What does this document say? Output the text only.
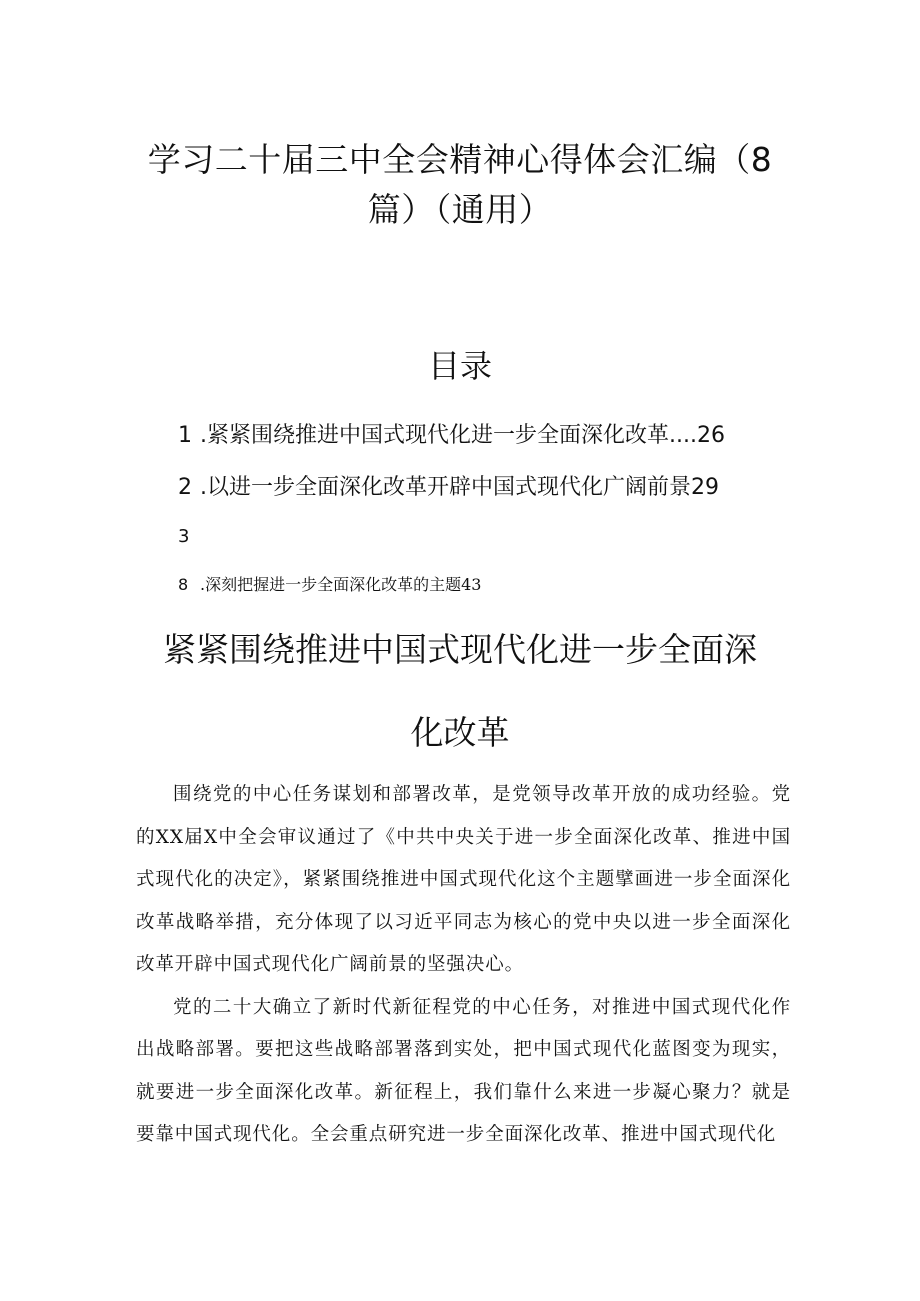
学习二十届三中全会精神心得体会汇编（8
篇）（通用）
目录
1 .紧紧围绕推进中国式现代化进一步全面深化改革....26
2 .以进一步全面深化改革开辟中国式现代化广阔前景29
3
8 .深刻把握进一步全面深化改革的主题43
紧紧围绕推进中国式现代化进一步全面深
化改革

围绕党的中心任务谋划和部署改革，是党领导改革开放的成功经验。党的XX届X中全会审议通过了《中共中央关于进一步全面深化改革、推进中国式现代化的决定》，紧紧围绕推进中国式现代化这个主题擘画进一步全面深化改革战略举措，充分体现了以习近平同志为核心的党中央以进一步全面深化改革开辟中国式现代化广阔前景的坚强决心。

党的二十大确立了新时代新征程党的中心任务，对推进中国式现代化作出战略部署。要把这些战略部署落到实处，把中国式现代化蓝图变为现实，就要进一步全面深化改革。新征程上，我们靠什么来进一步凝心聚力？就是要靠中国式现代化。全会重点研究进一步全面深化改革、推进中国式现代化
